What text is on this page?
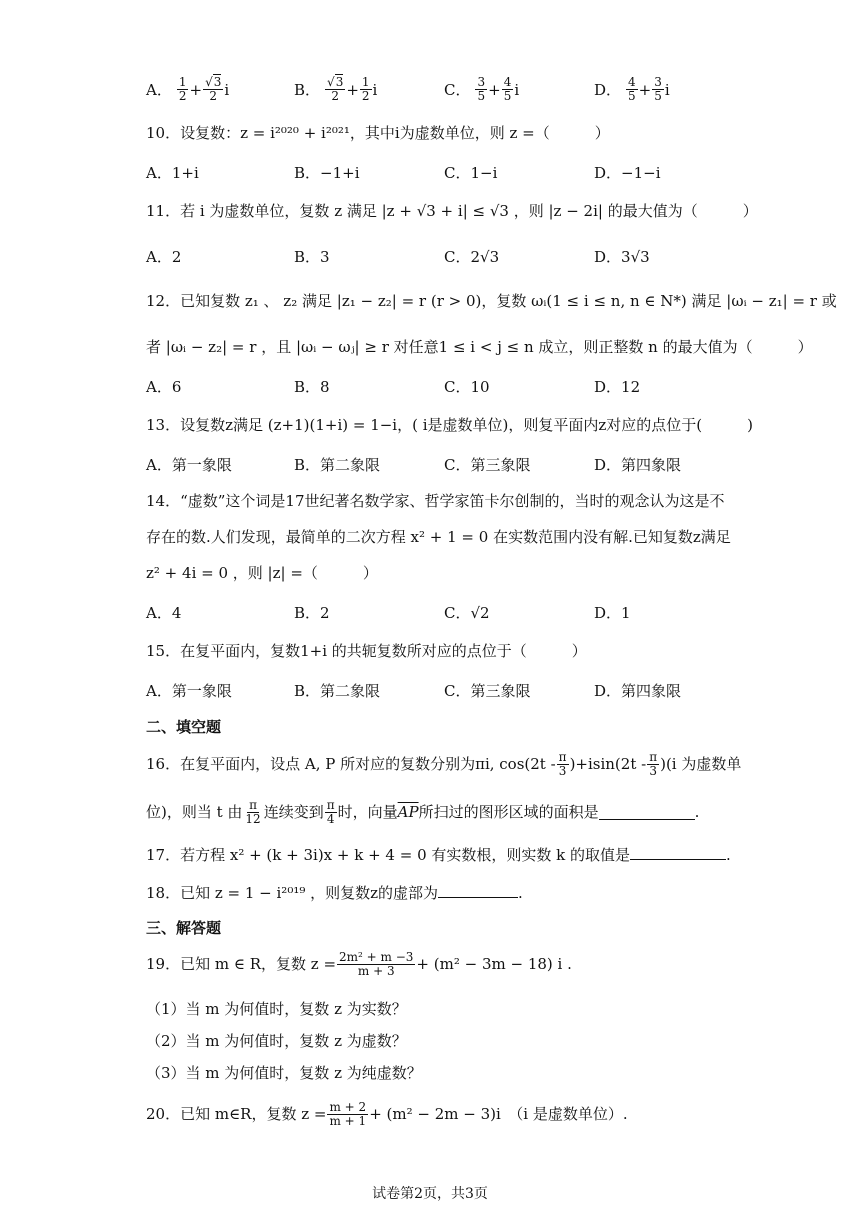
A． $\frac{1}{2} + \frac{√3}{2}$ i	B． $\frac{√3}{2} + \frac{1}{2}$ i	C． $\frac{3}{5} + \frac{4}{5}$ i	D． $\frac{4}{5} + \frac{3}{5}$ i
10．设复数：z = i²⁰²⁰ + i²⁰²¹，其中i为虚数单位，则 z =（　　　）
A．1+i	B．−1+i	C．1−i	D．−1−i
11．若 i 为虚数单位，复数 z 满足 |z + √3 + i| ≤ √3 ，则 |z − 2i| 的最大值为（　　　）
A．2	B．3	C．2√3	D．3√3
12．已知复数 z₁ 、 z₂ 满足 |z₁ − z₂| = r (r > 0)，复数 ωᵢ(1 ≤ i ≤ n, n ∈ N*) 满足 |ωᵢ − z₁| = r 或
者 |ωᵢ − z₂| = r ，且 |ωᵢ − ωⱼ| ≥ r 对任意1 ≤ i < j ≤ n 成立，则正整数 n 的最大值为（　　　）
A．6	B．8	C．10	D．12
13．设复数z满足 (z+1)(1+i) = 1−i，( i是虚数单位)，则复平面内z对应的点位于(　　　)
A．第一象限	B．第二象限	C．第三象限	D．第四象限
14．“虚数”这个词是17世纪著名数学家、哲学家笛卡尔创制的，当时的观念认为这是不
存在的数.人们发现，最简单的二次方程 x² + 1 = 0 在实数范围内没有解.已知复数z满足
z² + 4i = 0 ，则 |z| =（　　　）
A．4	B．2	C．√2	D．1
15．在复平面内，复数1+i 的共轭复数所对应的点位于（　　　）
A．第一象限	B．第二象限	C．第三象限	D．第四象限
二、填空题
16．在复平面内，设点 A, P 所对应的复数分别为πi, $\cos(2t - \frac{\pi}{3} )+isin(2t - \frac{\pi}{3} )(i$ 为虚数单
位)，则当 t 由 $\frac{\pi}{12}$ 连续变到 $\frac{\pi}{4}$ 时，向量 $\overline{AP}$ 所扫过的图形区域的面积是	.
17．若方程 x² + (k + 3i)x + k + 4 = 0 有实数根，则实数 k 的取值是	.
18．已知 z = 1 − i²⁰¹⁹ ，则复数z的虚部为	.
三、解答题
19．已知 m ∈ R，复数 $z = \frac{\text{2m² + m −3}}{m + 3} + (m^2 - 3m - 18)$ i .
（1）当 m 为何值时，复数 z 为实数？
（2）当 m 为何值时，复数 z 为虚数？
（3）当 m 为何值时，复数 z 为纯虚数？
20．已知 m∈R，复数 $z = \frac{m + 2}{m + 1} + (m^2 - 2m - 3)i$　（i 是虚数单位）.
试卷第2页，共3页
